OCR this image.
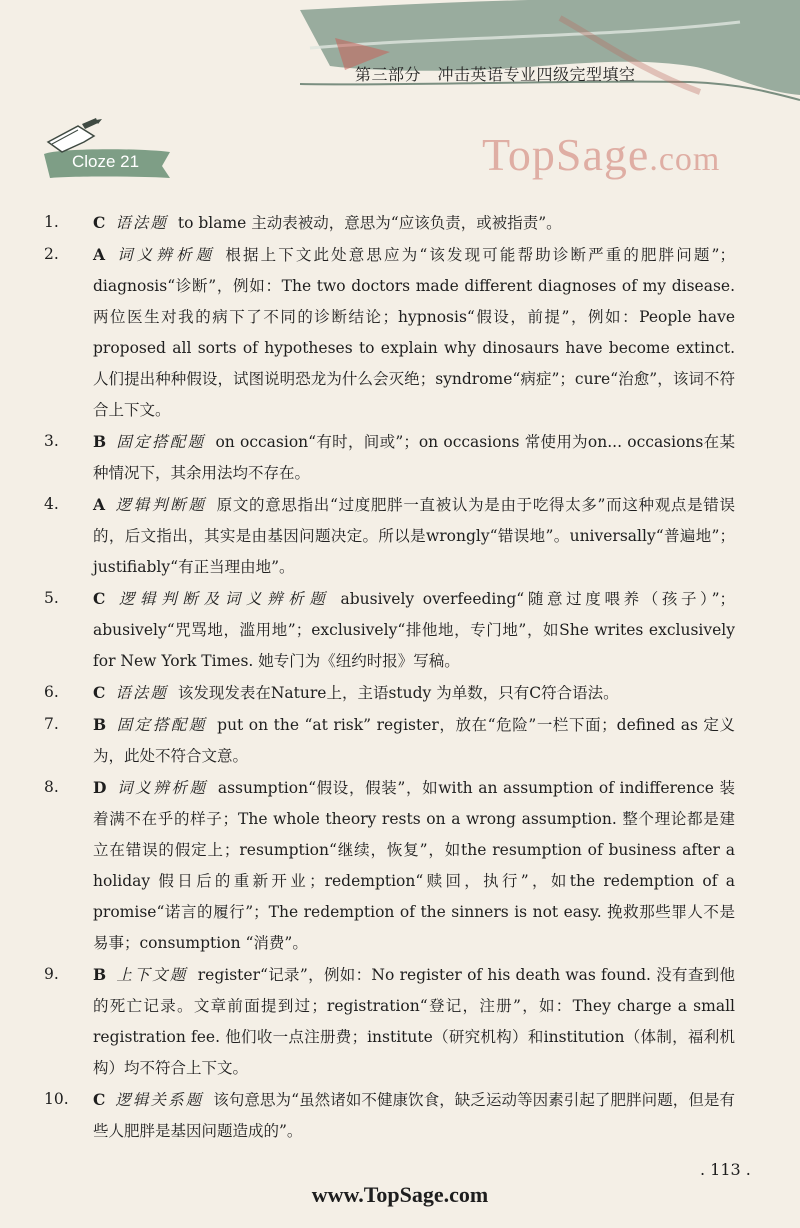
第三部分　冲击英语专业四级完型填空
TopSage.com
Cloze 21
1.	C 语法题 to blame 主动表被动，意思为“应该负责，或被指责”。
2.	A 词义辨析题 根据上下文此处意思应为“该发现可能帮助诊断严重的肥胖问题”；diagnosis“诊断”，例如：The two doctors made different diagnoses of my disease. 两位医生对我的病下了不同的诊断结论；hypnosis“假设，前提”，例如：People have proposed all sorts of hypotheses to explain why dinosaurs have become extinct. 人们提出种种假设，试图说明恐龙为什么会灭绝；syndrome“病症”；cure“治愈”，该词不符合上下文。
3.	B 固定搭配题 on occasion“有时，间或”；on occasions 常使用为on... occasions在某种情况下，其余用法均不存在。
4.	A 逻辑判断题 原文的意思指出“过度肥胖一直被认为是由于吃得太多”而这种观点是错误的，后文指出，其实是由基因问题决定。所以是wrongly“错误地”。universally“普遍地”；justifiably“有正当理由地”。
5.	C 逻辑判断及词义辨析题 abusively overfeeding“随意过度喂养（孩子）”；abusively“咒骂地，滥用地”；exclusively“排他地，专门地”，如She writes exclusively for New York Times. 她专门为《纽约时报》写稿。
6.	C 语法题 该发现发表在Nature上，主语study 为单数，只有C符合语法。
7.	B 固定搭配题 put on the “at risk” register，放在“危险”一栏下面；defined as 定义为，此处不符合文意。
8.	D 词义辨析题 assumption“假设，假装”，如with an assumption of indifference 装着满不在乎的样子；The whole theory rests on a wrong assumption. 整个理论都是建立在错误的假定上；resumption“继续，恢复”，如the resumption of business after a holiday 假日后的重新开业；redemption“赎回，执行”，如the redemption of a promise“诺言的履行”；The redemption of the sinners is not easy. 挽救那些罪人不是易事；consumption “消费”。
9.	B 上下文题 register“记录”，例如：No register of his death was found. 没有查到他的死亡记录。文章前面提到过；registration“登记，注册”，如：They charge a small registration fee. 他们收一点注册费；institute（研究机构）和institution（体制，福利机构）均不符合上下文。
10.	C 逻辑关系题 该句意思为“虽然诸如不健康饮食，缺乏运动等因素引起了肥胖问题，但是有些人肥胖是基因问题造成的”。
. 113 .
www.TopSage.com
